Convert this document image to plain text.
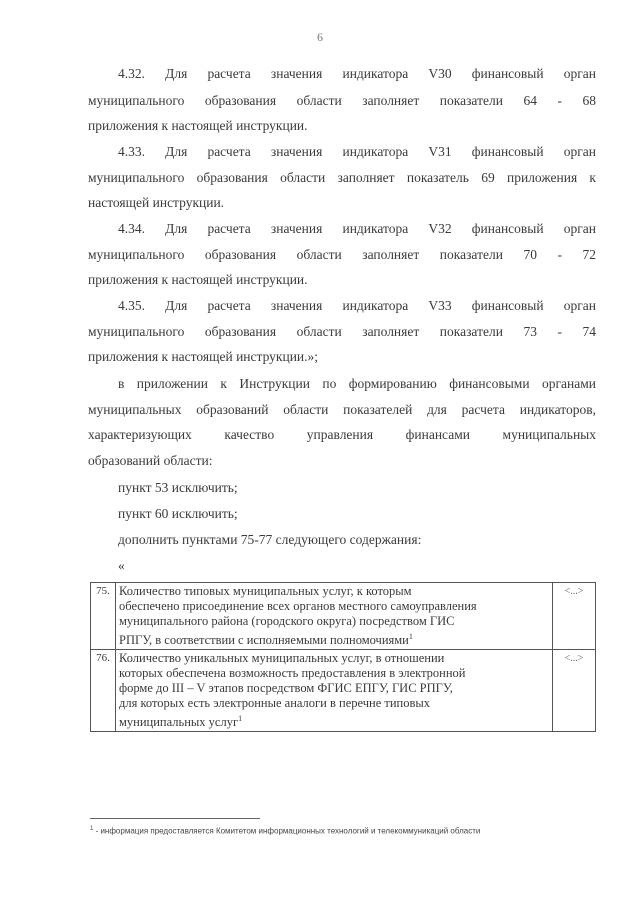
6
4.32. Для расчета значения индикатора V30 финансовый орган
муниципального образования области заполняет показатели 64 - 68
приложения к настоящей инструкции.
4.33. Для расчета значения индикатора V31 финансовый орган
муниципального образования области заполняет показатель 69 приложения к
настоящей инструкции.
4.34. Для расчета значения индикатора V32 финансовый орган
муниципального образования области заполняет показатели 70 - 72
приложения к настоящей инструкции.
4.35. Для расчета значения индикатора V33 финансовый орган
муниципального образования области заполняет показатели 73 - 74
приложения к настоящей инструкции.»;
в приложении к Инструкции по формированию финансовыми органами
муниципальных образований области показателей для расчета индикаторов,
характеризующих качество управления финансами муниципальных
образований области:
пункт 53 исключить;
пункт 60 исключить;
дополнить пунктами 75-77 следующего содержания:
«
75.	Количество типовых муниципальных услуг, к которым
обеспечено присоединение всех органов местного самоуправления
муниципального района (городского округа) посредством ГИС
РПГУ, в соответствии с исполняемыми полномочиями$^1$	<...>
76.	Количество уникальных муниципальных услуг, в отношении
которых обеспечена возможность предоставления в электронной
форме до III – V этапов посредством ФГИС ЕПГУ, ГИС РПГУ,
для которых есть электронные аналоги в перечне типовых
муниципальных услуг$^1$	<...>
$^1$ - информация предоставляется Комитетом информационных технологий и телекоммуникаций области
